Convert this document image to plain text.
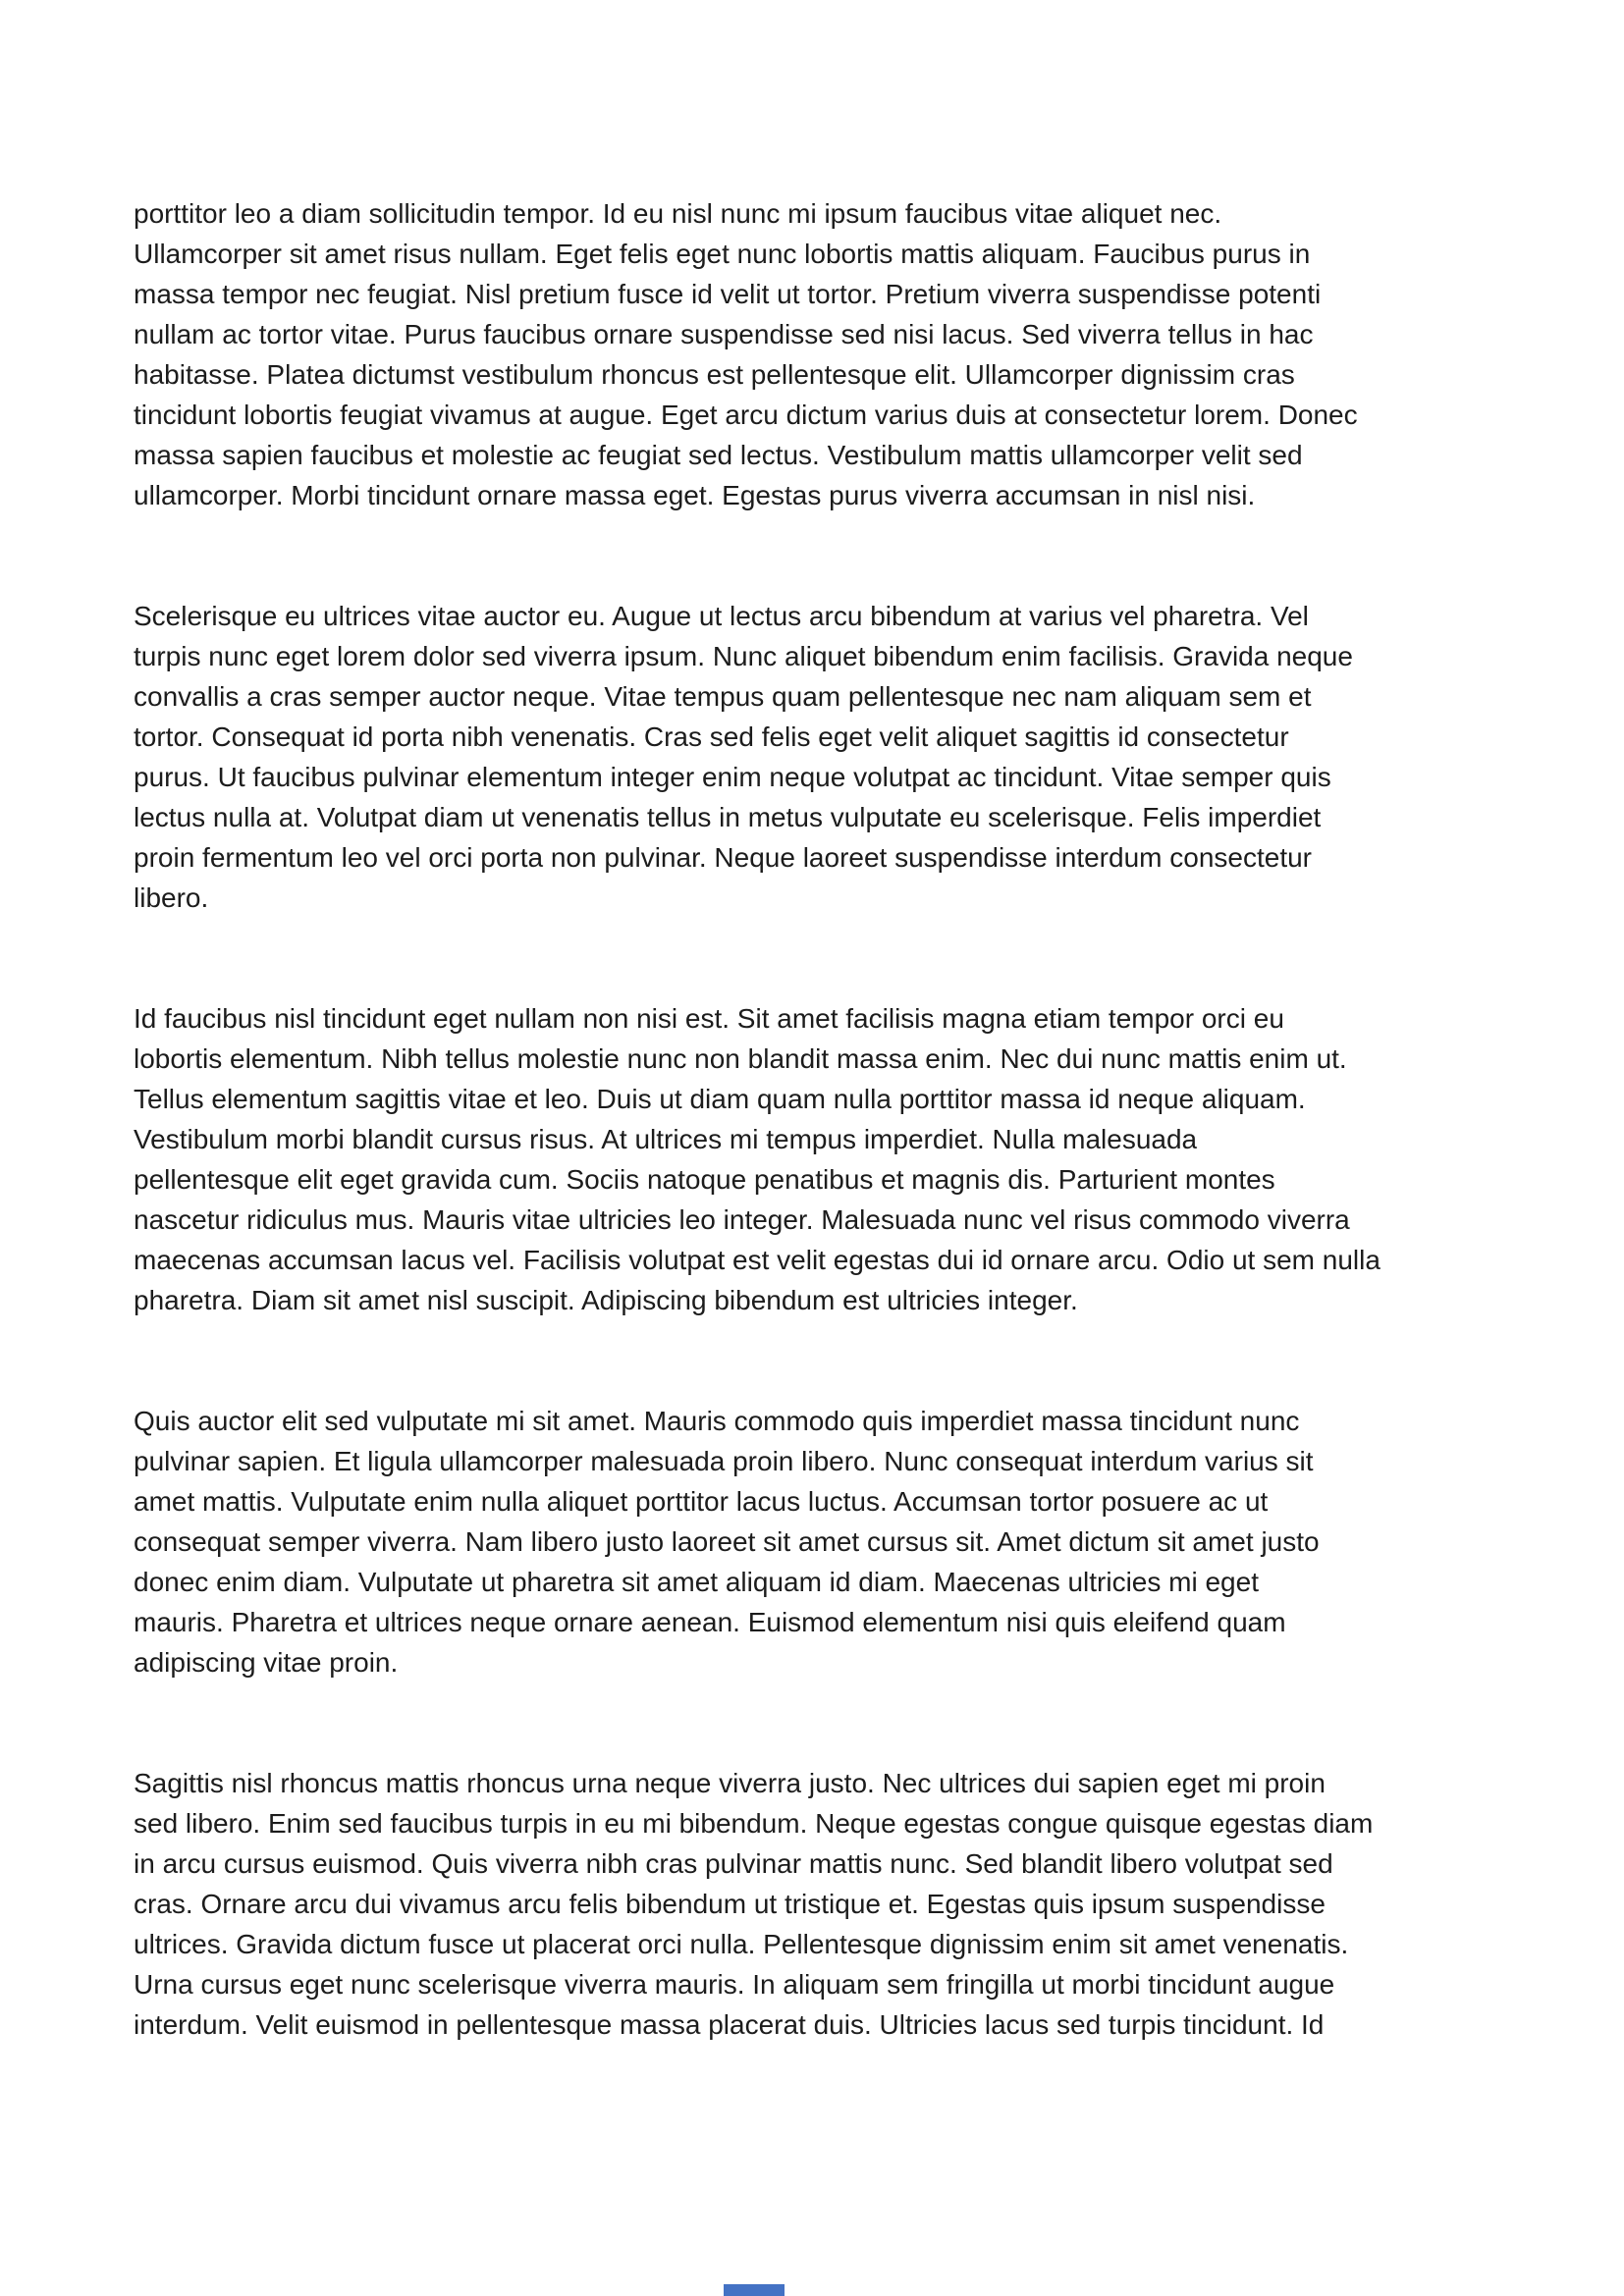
porttitor leo a diam sollicitudin tempor. Id eu nisl nunc mi ipsum faucibus vitae aliquet nec.
Ullamcorper sit amet risus nullam. Eget felis eget nunc lobortis mattis aliquam. Faucibus purus in
massa tempor nec feugiat. Nisl pretium fusce id velit ut tortor. Pretium viverra suspendisse potenti
nullam ac tortor vitae. Purus faucibus ornare suspendisse sed nisi lacus. Sed viverra tellus in hac
habitasse. Platea dictumst vestibulum rhoncus est pellentesque elit. Ullamcorper dignissim cras
tincidunt lobortis feugiat vivamus at augue. Eget arcu dictum varius duis at consectetur lorem. Donec
massa sapien faucibus et molestie ac feugiat sed lectus. Vestibulum mattis ullamcorper velit sed
ullamcorper. Morbi tincidunt ornare massa eget. Egestas purus viverra accumsan in nisl nisi.

Scelerisque eu ultrices vitae auctor eu. Augue ut lectus arcu bibendum at varius vel pharetra. Vel
turpis nunc eget lorem dolor sed viverra ipsum. Nunc aliquet bibendum enim facilisis. Gravida neque
convallis a cras semper auctor neque. Vitae tempus quam pellentesque nec nam aliquam sem et
tortor. Consequat id porta nibh venenatis. Cras sed felis eget velit aliquet sagittis id consectetur
purus. Ut faucibus pulvinar elementum integer enim neque volutpat ac tincidunt. Vitae semper quis
lectus nulla at. Volutpat diam ut venenatis tellus in metus vulputate eu scelerisque. Felis imperdiet
proin fermentum leo vel orci porta non pulvinar. Neque laoreet suspendisse interdum consectetur
libero.

Id faucibus nisl tincidunt eget nullam non nisi est. Sit amet facilisis magna etiam tempor orci eu
lobortis elementum. Nibh tellus molestie nunc non blandit massa enim. Nec dui nunc mattis enim ut.
Tellus elementum sagittis vitae et leo. Duis ut diam quam nulla porttitor massa id neque aliquam.
Vestibulum morbi blandit cursus risus. At ultrices mi tempus imperdiet. Nulla malesuada
pellentesque elit eget gravida cum. Sociis natoque penatibus et magnis dis. Parturient montes
nascetur ridiculus mus. Mauris vitae ultricies leo integer. Malesuada nunc vel risus commodo viverra
maecenas accumsan lacus vel. Facilisis volutpat est velit egestas dui id ornare arcu. Odio ut sem nulla
pharetra. Diam sit amet nisl suscipit. Adipiscing bibendum est ultricies integer.

Quis auctor elit sed vulputate mi sit amet. Mauris commodo quis imperdiet massa tincidunt nunc
pulvinar sapien. Et ligula ullamcorper malesuada proin libero. Nunc consequat interdum varius sit
amet mattis. Vulputate enim nulla aliquet porttitor lacus luctus. Accumsan tortor posuere ac ut
consequat semper viverra. Nam libero justo laoreet sit amet cursus sit. Amet dictum sit amet justo
donec enim diam. Vulputate ut pharetra sit amet aliquam id diam. Maecenas ultricies mi eget
mauris. Pharetra et ultrices neque ornare aenean. Euismod elementum nisi quis eleifend quam
adipiscing vitae proin.

Sagittis nisl rhoncus mattis rhoncus urna neque viverra justo. Nec ultrices dui sapien eget mi proin
sed libero. Enim sed faucibus turpis in eu mi bibendum. Neque egestas congue quisque egestas diam
in arcu cursus euismod. Quis viverra nibh cras pulvinar mattis nunc. Sed blandit libero volutpat sed
cras. Ornare arcu dui vivamus arcu felis bibendum ut tristique et. Egestas quis ipsum suspendisse
ultrices. Gravida dictum fusce ut placerat orci nulla. Pellentesque dignissim enim sit amet venenatis.
Urna cursus eget nunc scelerisque viverra mauris. In aliquam sem fringilla ut morbi tincidunt augue
interdum. Velit euismod in pellentesque massa placerat duis. Ultricies lacus sed turpis tincidunt. Id
